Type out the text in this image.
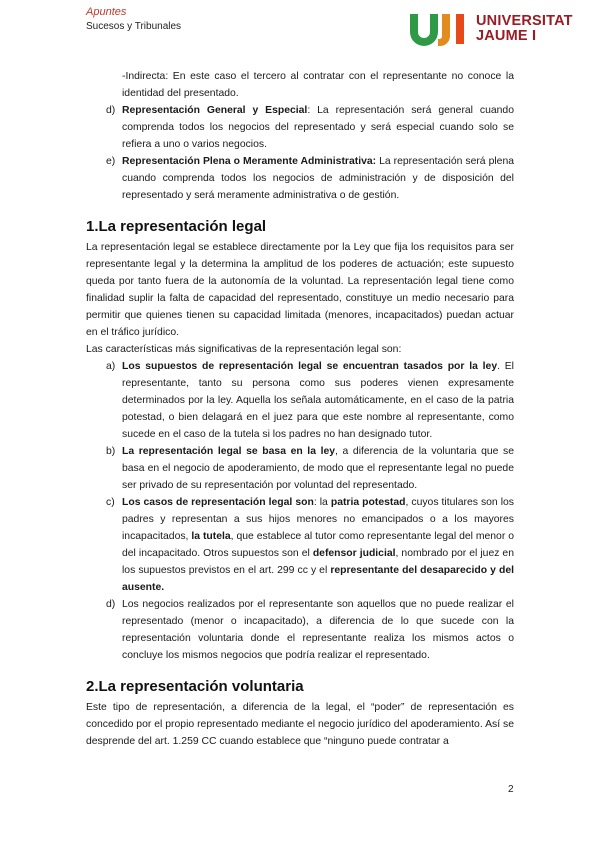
Apuntes
Sucesos y Tribunales	UNIVERSITAT
JAUME I

-Indirecta: En este caso el tercero al contratar con el representante no conoce la identidad del presentado.

d) Representación General y Especial: La representación será general cuando comprenda todos los negocios del representado y será especial cuando solo se refiera a uno o varios negocios.
e) Representación Plena o Meramente Administrativa: La representación será plena cuando comprenda todos los negocios de administración y de disposición del representado y será meramente administrativa o de gestión.
1.La representación legal

La representación legal se establece directamente por la Ley que fija los requisitos para ser representante legal y la determina la amplitud de los poderes de actuación; este supuesto queda por tanto fuera de la autonomía de la voluntad. La representación legal tiene como finalidad suplir la falta de capacidad del representado, constituye un medio necesario para permitir que quienes tienen su capacidad limitada (menores, incapacitados) puedan actuar en el tráfico jurídico.

Las características más significativas de la representación legal son:

a) Los supuestos de representación legal se encuentran tasados por la ley. El representante, tanto su persona como sus poderes vienen expresamente determinados por la ley. Aquella los señala automáticamente, en el caso de la patria potestad, o bien delagará en el juez para que este nombre al representante, como sucede en el caso de la tutela si los padres no han designado tutor.
b) La representación legal se basa en la ley, a diferencia de la voluntaria que se basa en el negocio de apoderamiento, de modo que el representante legal no puede ser privado de su representación por voluntad del representado.
c) Los casos de representación legal son: la patria potestad, cuyos titulares son los padres y representan a sus hijos menores no emancipados o a los mayores incapacitados, la tutela, que establece al tutor como representante legal del menor o del incapacitado. Otros supuestos son el defensor judicial, nombrado por el juez en los supuestos previstos en el art. 299 cc y el representante del desaparecido y del ausente.
d) Los negocios realizados por el representante son aquellos que no puede realizar el representado (menor o incapacitado), a diferencia de lo que sucede con la representación voluntaria donde el representante realiza los mismos actos o concluye los mismos negocios que podría realizar el representado.
2.La representación voluntaria

Este tipo de representación, a diferencia de la legal, el “poder” de representación es concedido por el propio representado mediante el negocio jurídico del apoderamiento. Así se desprende del art. 1.259 CC cuando establece que “ninguno puede contratar a

2
